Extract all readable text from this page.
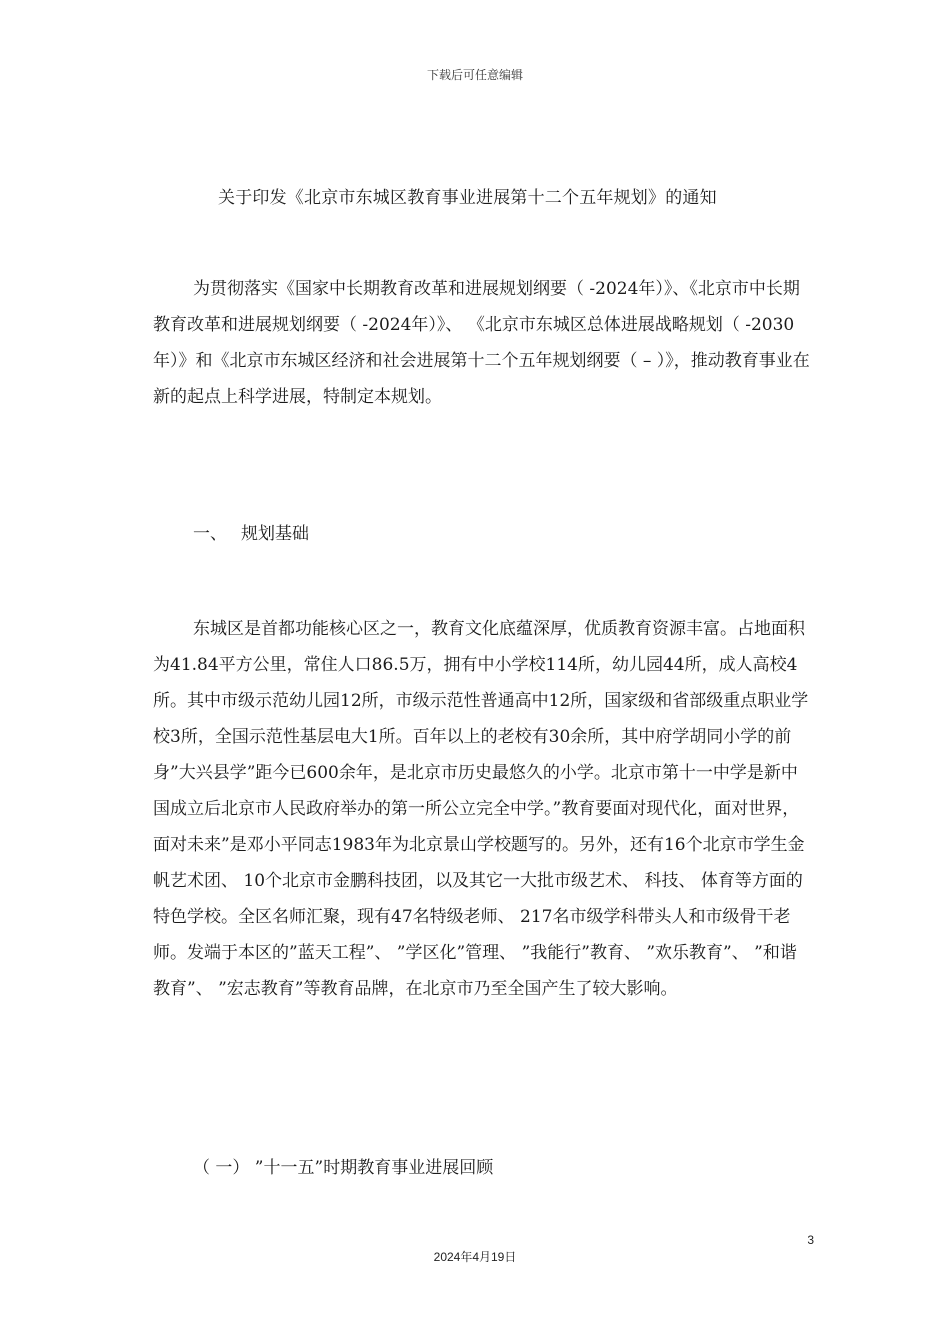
下载后可任意编辑
关于印发《北京市东城区教育事业进展第十二个五年规划》的通知

为贯彻落实《国家中长期教育改革和进展规划纲要（ -2024年）》、《北京市中长期教育改革和进展规划纲要（ -2024年）》、 《北京市东城区总体进展战略规划（ -2030年）》和《北京市东城区经济和社会进展第十二个五年规划纲要（ – ）》，推动教育事业在新的起点上科学进展，特制定本规划。

一、 规划基础

东城区是首都功能核心区之一，教育文化底蕴深厚，优质教育资源丰富。占地面积为41.84平方公里，常住人口86.5万，拥有中小学校114所，幼儿园44所，成人高校4所。其中市级示范幼儿园12所，市级示范性普通高中12所，国家级和省部级重点职业学校3所，全国示范性基层电大1所。百年以上的老校有30余所，其中府学胡同小学的前身”大兴县学”距今已600余年，是北京市历史最悠久的小学。北京市第十一中学是新中国成立后北京市人民政府举办的第一所公立完全中学。”教育要面对现代化，面对世界，面对未来”是邓小平同志1983年为北京景山学校题写的。另外，还有16个北京市学生金帆艺术团、 10个北京市金鹏科技团，以及其它一大批市级艺术、 科技、 体育等方面的特色学校。全区名师汇聚，现有47名特级老师、 217名市级学科带头人和市级骨干老师。发端于本区的”蓝天工程”、 ”学区化”管理、 ”我能行”教育、 ”欢乐教育”、 ”和谐教育”、 ”宏志教育”等教育品牌，在北京市乃至全国产生了较大影响。

（ 一） ”十一五”时期教育事业进展回顾
3
2024年4月19日
